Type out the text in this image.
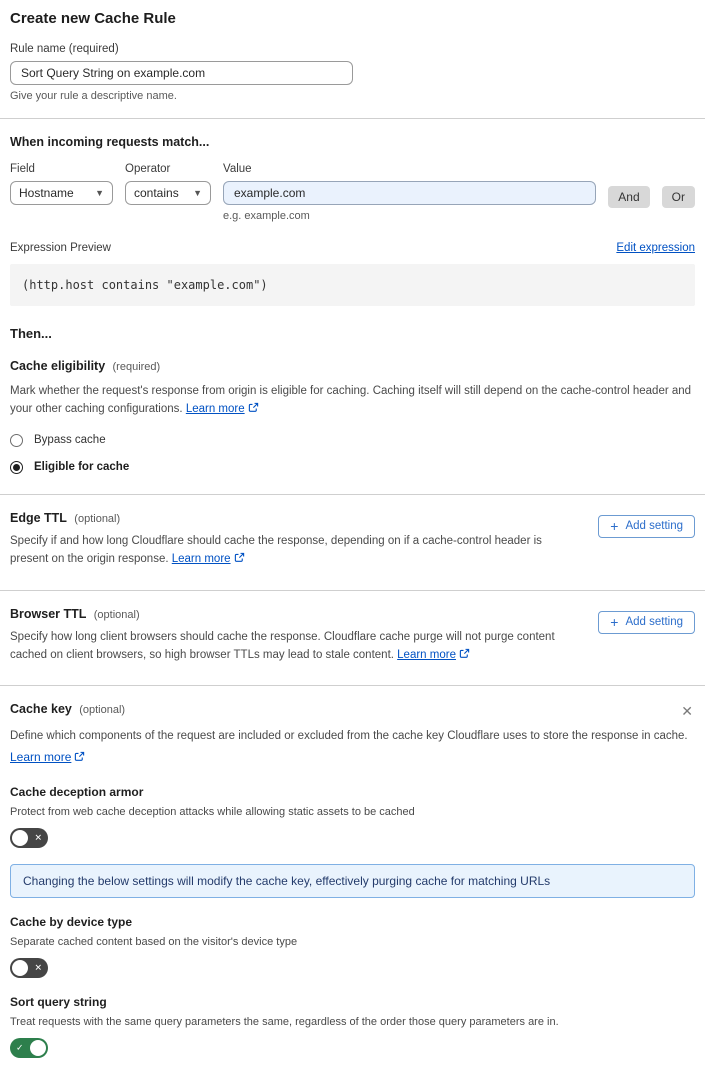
Create new Cache Rule
Rule name (required)
Sort Query String on example.com
Give your rule a descriptive name.
When incoming requests match...
Field
Hostname ▼
Operator
contains ▼
Value
example.com
e.g. example.com
And	Or
Expression Preview	Edit expression
(http.host contains "example.com")
Then...
Cache eligibility (required)

Mark whether the request's response from origin is eligible for caching. Caching itself will still depend on the cache-control header and your other caching configurations. Learn more

Bypass cache
Eligible for cache
Edge TTL (optional)

Specify if and how long Cloudflare should cache the response, depending on if a cache-control header is present on the origin response. Learn more

+ Add setting
Browser TTL (optional)

Specify how long client browsers should cache the response. Cloudflare cache purge will not purge content cached on client browsers, so high browser TTLs may lead to stale content. Learn more

+ Add setting
Cache key (optional)	✕

Define which components of the request are included or excluded from the cache key Cloudflare uses to store the response in cache.

Learn more
Cache deception armor
Protect from web cache deception attacks while allowing static assets to be cached
✕
Changing the below settings will modify the cache key, effectively purging cache for matching URLs
Cache by device type
Separate cached content based on the visitor's device type
✕
Sort query string
Treat requests with the same query parameters the same, regardless of the order those query parameters are in.
✓
